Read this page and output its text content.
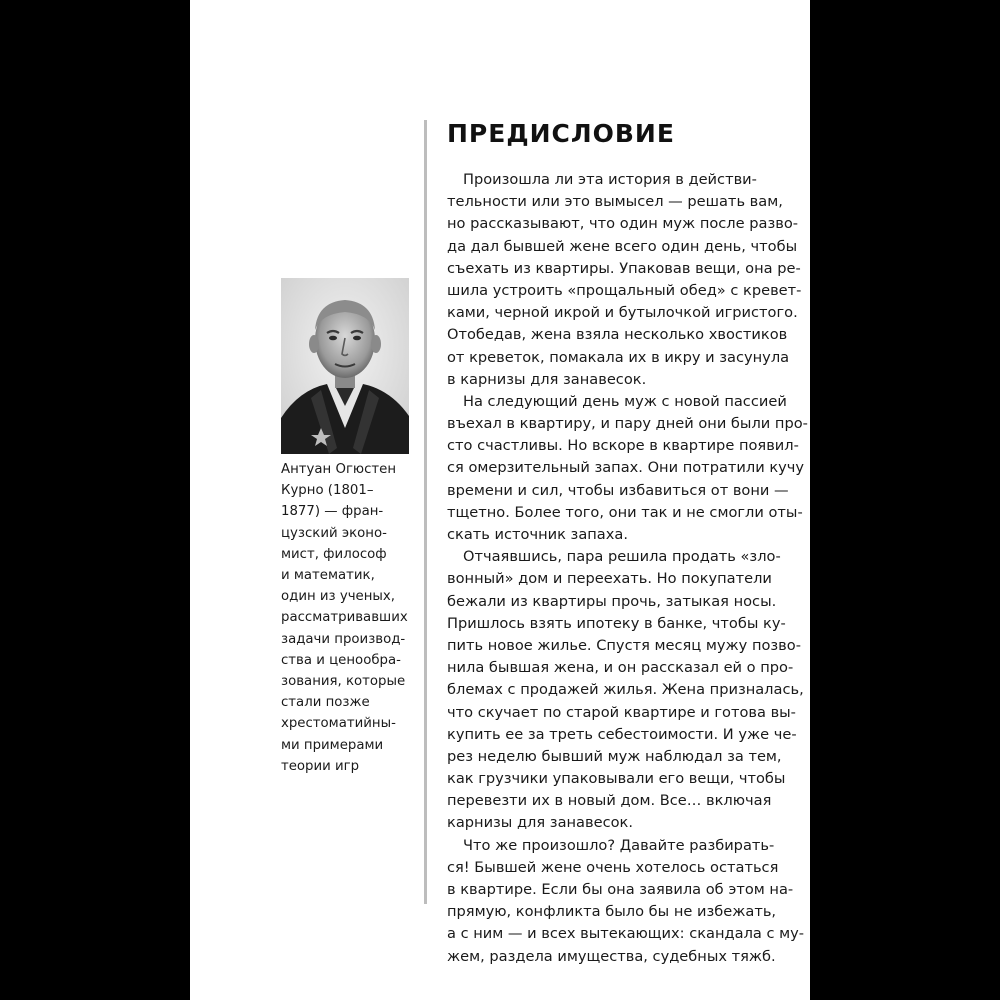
Антуан Огюстен
Курно (1801–
1877) — фран-
цузский эконо-
мист, философ
и математик,
один из ученых,
рассматривавших
задачи производ-
ства и ценообра-
зования, которые
стали позже
хрестоматийны-
ми примерами
теории игр
ПРЕДИСЛОВИЕ
Произошла ли эта история в действи-
тельности или это вымысел — решать вам,
но рассказывают, что один муж после разво-
да дал бывшей жене всего один день, чтобы
съехать из квартиры. Упаковав вещи, она ре-
шила устроить «прощальный обед» с кревет-
ками, черной икрой и бутылочкой игристого.
Отобедав, жена взяла несколько хвостиков
от креветок, помакала их в икру и засунула
в карнизы для занавесок.
На следующий день муж с новой пассией
въехал в квартиру, и пару дней они были про-
сто счастливы. Но вскоре в квартире появил-
ся омерзительный запах. Они потратили кучу
времени и сил, чтобы избавиться от вони —
тщетно. Более того, они так и не смогли оты-
скать источник запаха.
Отчаявшись, пара решила продать «зло-
вонный» дом и переехать. Но покупатели
бежали из квартиры прочь, затыкая носы.
Пришлось взять ипотеку в банке, чтобы ку-
пить новое жилье. Спустя месяц мужу позво-
нила бывшая жена, и он рассказал ей о про-
блемах с продажей жилья. Жена призналась,
что скучает по старой квартире и готова вы-
купить ее за треть себестоимости. И уже че-
рез неделю бывший муж наблюдал за тем,
как грузчики упаковывали его вещи, чтобы
перевезти их в новый дом. Все… включая
карнизы для занавесок.
Что же произошло? Давайте разбирать-
ся! Бывшей жене очень хотелось остаться
в квартире. Если бы она заявила об этом на-
прямую, конфликта было бы не избежать,
а с ним — и всех вытекающих: скандала с му-
жем, раздела имущества, судебных тяжб.
